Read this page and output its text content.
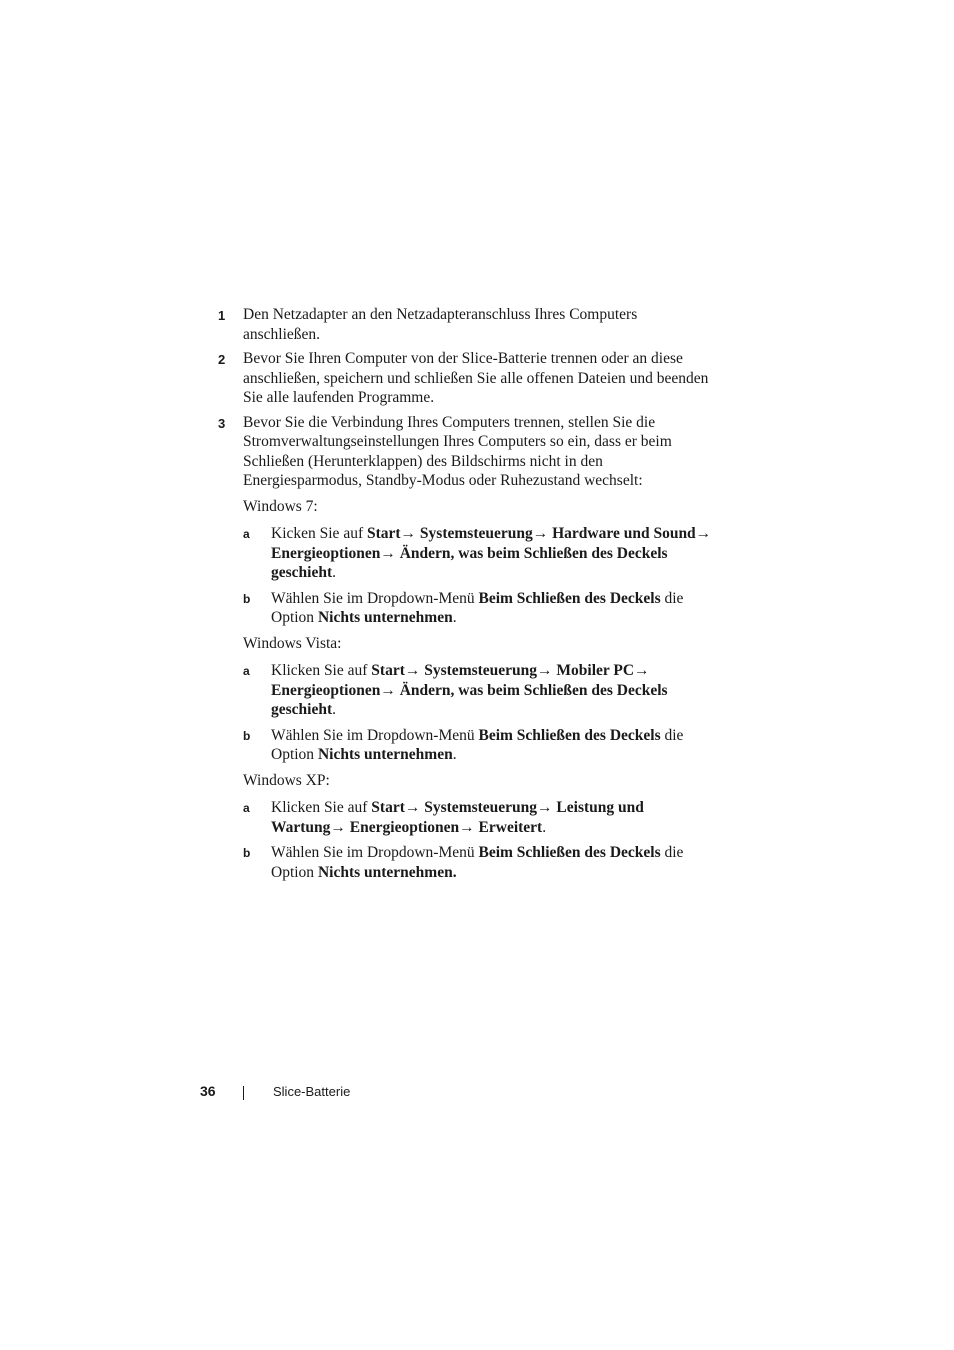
1 Den Netzadapter an den Netzadapteranschluss Ihres Computers anschließen.
2 Bevor Sie Ihren Computer von der Slice-Batterie trennen oder an diese anschließen, speichern und schließen Sie alle offenen Dateien und beenden Sie alle laufenden Programme.
3 Bevor Sie die Verbindung Ihres Computers trennen, stellen Sie die Stromverwaltungseinstellungen Ihres Computers so ein, dass er beim Schließen (Herunterklappen) des Bildschirms nicht in den Energiesparmodus, Standby-Modus oder Ruhezustand wechselt:
Windows 7:
a Kicken Sie auf Start→ Systemsteuerung→ Hardware und Sound→ Energieoptionen→ Ändern, was beim Schließen des Deckels geschieht.
b Wählen Sie im Dropdown-Menü Beim Schließen des Deckels die Option Nichts unternehmen.
Windows Vista:
a Klicken Sie auf Start→ Systemsteuerung→ Mobiler PC→ Energieoptionen→ Ändern, was beim Schließen des Deckels geschieht.
b Wählen Sie im Dropdown-Menü Beim Schließen des Deckels die Option Nichts unternehmen.
Windows XP:
a Klicken Sie auf Start→ Systemsteuerung→ Leistung und Wartung→ Energieoptionen→ Erweitert.
b Wählen Sie im Dropdown-Menü Beim Schließen des Deckels die Option Nichts unternehmen.
36	Slice-Batterie
